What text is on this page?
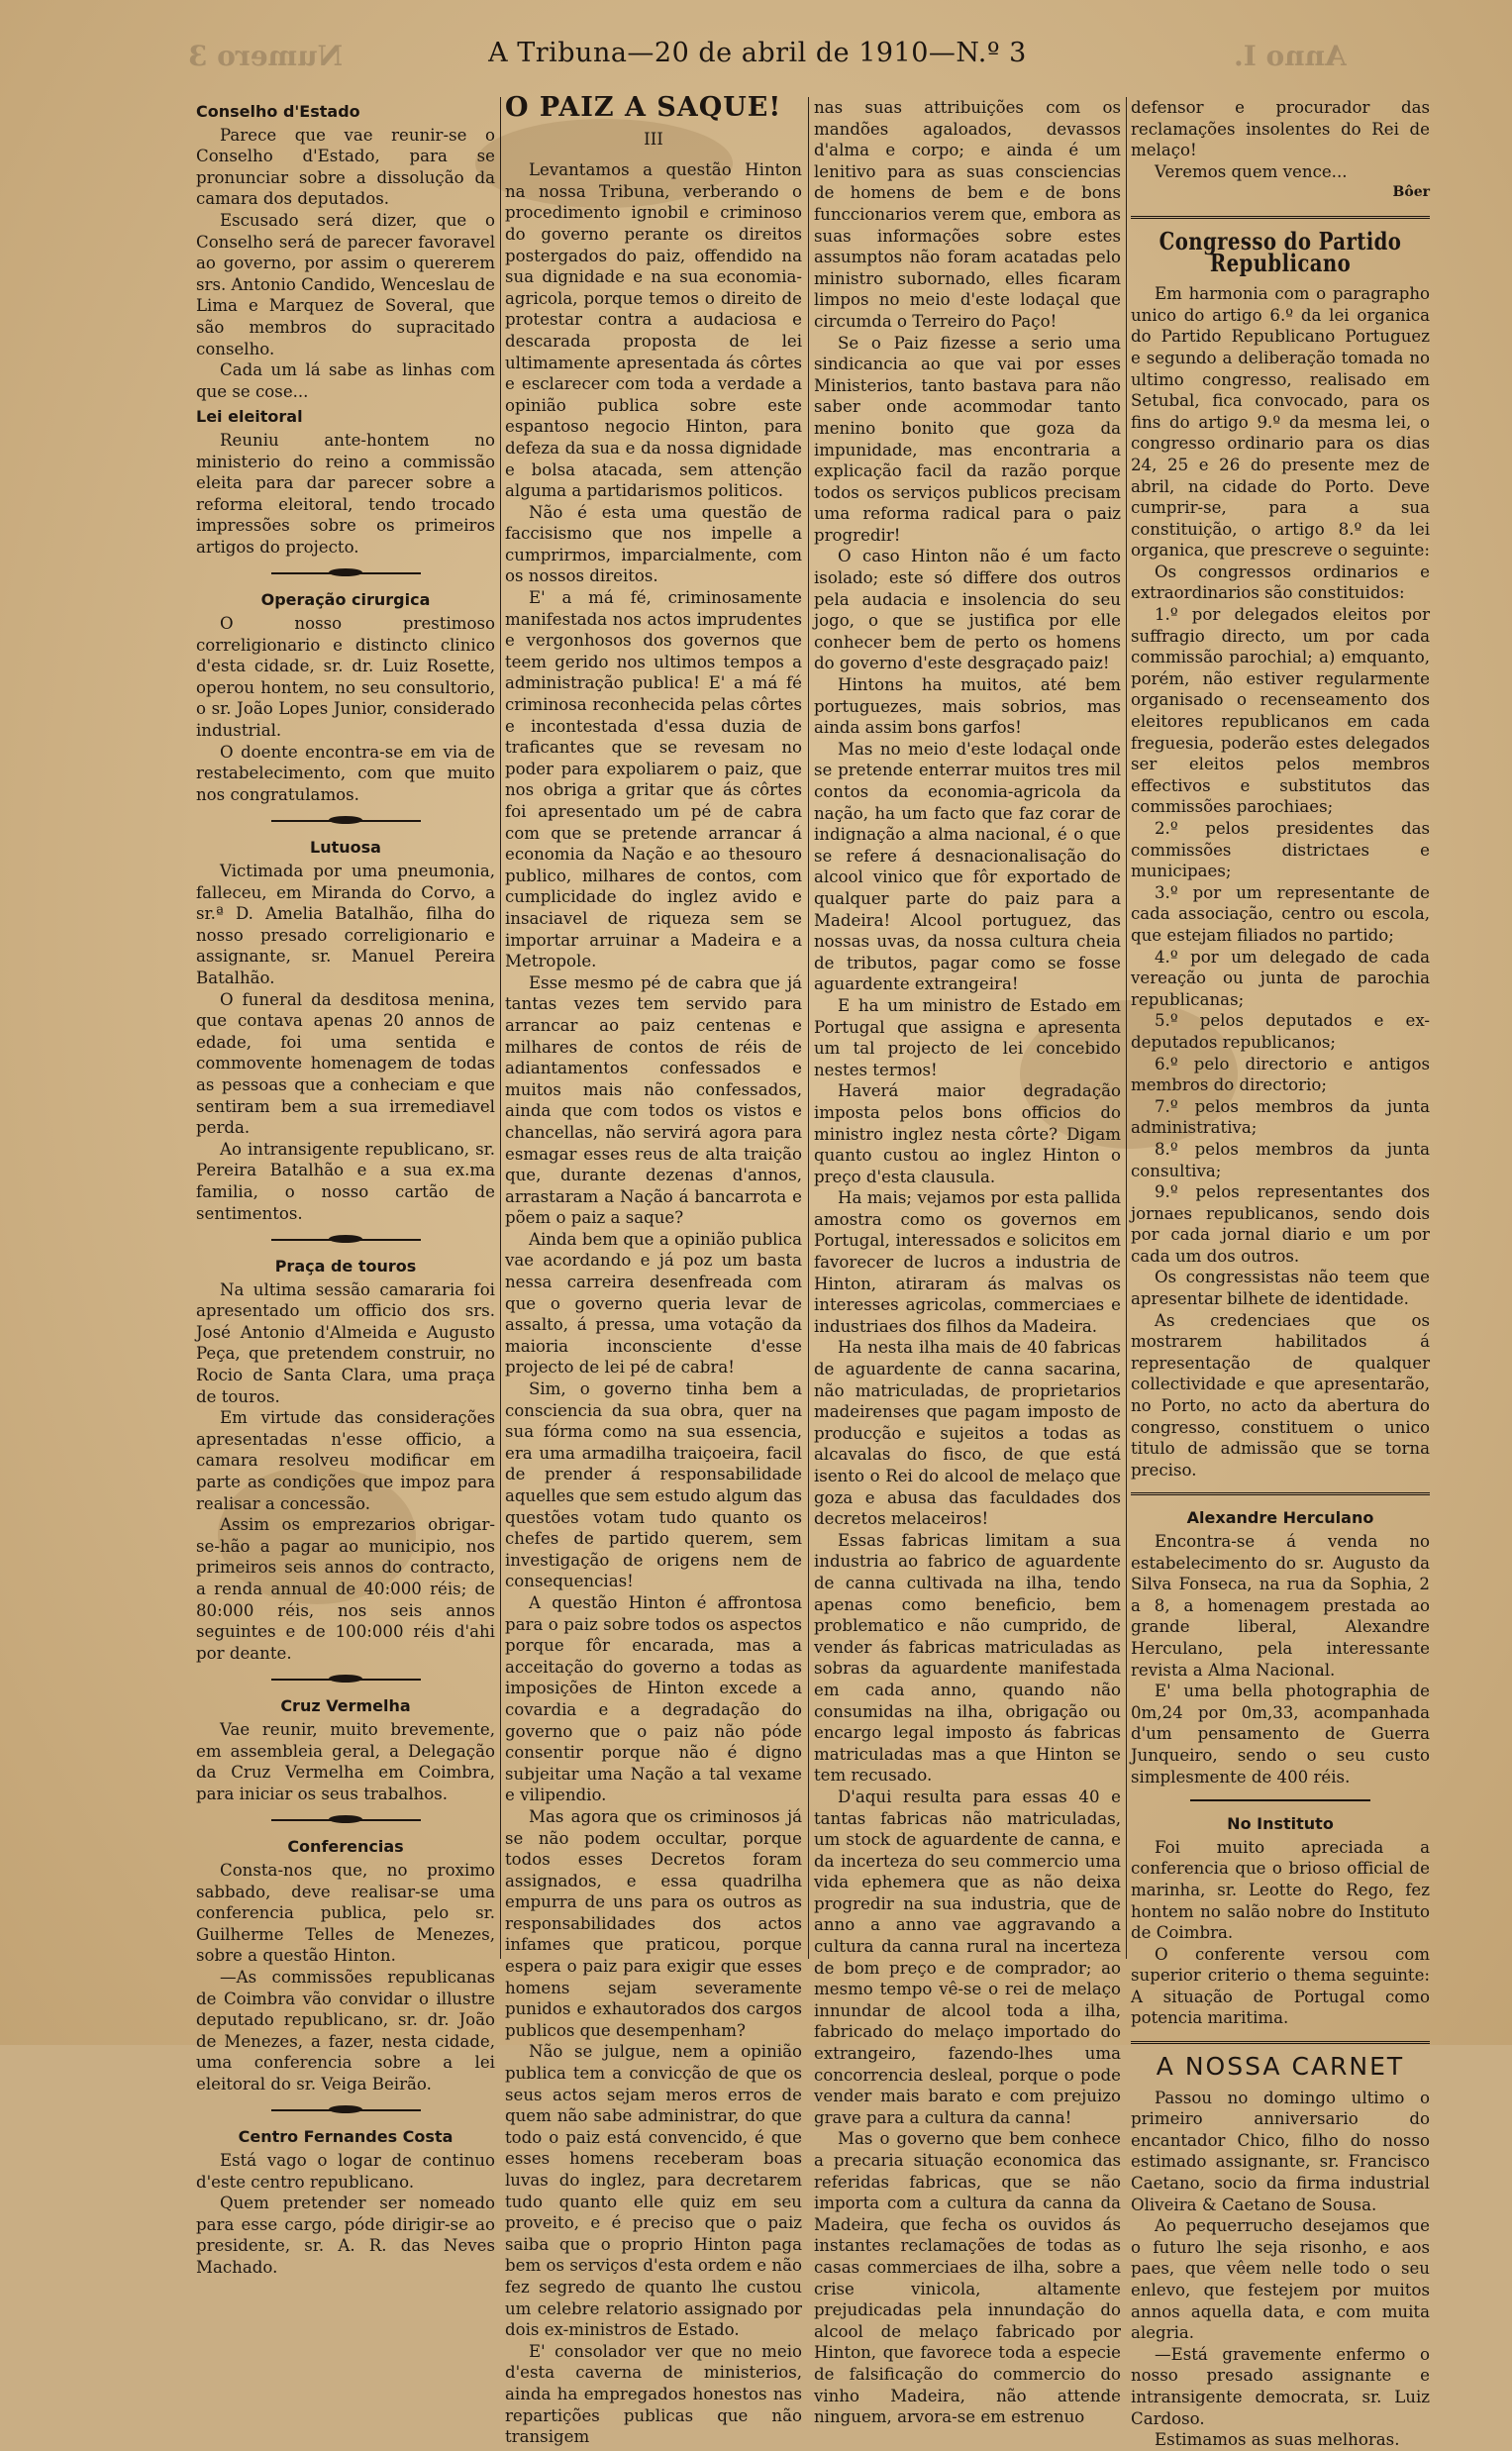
Numero 3	A Tribuna—20 de abril de 1910—N.º 3	Anno I.
Conselho d'Estado

Parece que vae reunir-se o Conselho d'Estado, para se pronunciar sobre a dissolução da camara dos deputados.

Escusado será dizer, que o Conselho será de parecer favoravel ao governo, por assim o quererem srs. Antonio Candido, Wenceslau de Lima e Marquez de Soveral, que são membros do supracitado conselho.

Cada um lá sabe as linhas com que se cose...

Lei eleitoral

Reuniu ante-hontem no ministerio do reino a commissão eleita para dar parecer sobre a reforma eleitoral, tendo trocado impressões sobre os primeiros artigos do projecto.

Operação cirurgica

O nosso prestimoso correligionario e distincto clinico d'esta cidade, sr. dr. Luiz Rosette, operou hontem, no seu consultorio, o sr. João Lopes Junior, considerado industrial.

O doente encontra-se em via de restabelecimento, com que muito nos congratulamos.

Lutuosa

Victimada por uma pneumonia, falleceu, em Miranda do Corvo, a sr.ª D. Amelia Batalhão, filha do nosso presado correligionario e assignante, sr. Manuel Pereira Batalhão.

O funeral da desditosa menina, que contava apenas 20 annos de edade, foi uma sentida e commovente homenagem de todas as pessoas que a conheciam e que sentiram bem a sua irremediavel perda.

Ao intransigente republicano, sr. Pereira Batalhão e a sua ex.ma familia, o nosso cartão de sentimentos.

Praça de touros

Na ultima sessão camararia foi apresentado um officio dos srs. José Antonio d'Almeida e Augusto Peça, que pretendem construir, no Rocio de Santa Clara, uma praça de touros.

Em virtude das considerações apresentadas n'esse officio, a camara resolveu modificar em parte as condições que impoz para realisar a concessão.

Assim os emprezarios obrigar-se-hão a pagar ao municipio, nos primeiros seis annos do contracto, a renda annual de 40:000 réis; de 80:000 réis, nos seis annos seguintes e de 100:000 réis d'ahi por deante.

Cruz Vermelha

Vae reunir, muito brevemente, em assembleia geral, a Delegação da Cruz Vermelha em Coimbra, para iniciar os seus trabalhos.

Conferencias

Consta-nos que, no proximo sabbado, deve realisar-se uma conferencia publica, pelo sr. Guilherme Telles de Menezes, sobre a questão Hinton.

—As commissões republicanas de Coimbra vão convidar o illustre deputado republicano, sr. dr. João de Menezes, a fazer, nesta cidade, uma conferencia sobre a lei eleitoral do sr. Veiga Beirão.

Centro Fernandes Costa

Está vago o logar de continuo d'este centro republicano.

Quem pretender ser nomeado para esse cargo, póde dirigir-se ao presidente, sr. A. R. das Neves Machado.

O PAIZ A SAQUE!

III

Levantamos a questão Hinton na nossa Tribuna, verberando o procedimento ignobil e criminoso do governo perante os direitos postergados do paiz, offendido na sua dignidade e na sua economia-agricola, porque temos o direito de protestar contra a audaciosa e descarada proposta de lei ultimamente apresentada ás côrtes e esclarecer com toda a verdade a opinião publica sobre este espantoso negocio Hinton, para defeza da sua e da nossa dignidade e bolsa atacada, sem attenção alguma a partidarismos politicos.

Não é esta uma questão de faccisismo que nos impelle a cumprirmos, imparcialmente, com os nossos direitos.

E' a má fé, criminosamente manifestada nos actos imprudentes e vergonhosos dos governos que teem gerido nos ultimos tempos a administração publica! E' a má fé criminosa reconhecida pelas côrtes e incontestada d'essa duzia de traficantes que se revesam no poder para expoliarem o paiz, que nos obriga a gritar que ás côrtes foi apresentado um pé de cabra com que se pretende arrancar á economia da Nação e ao thesouro publico, milhares de contos, com cumplicidade do inglez avido e insaciavel de riqueza sem se importar arruinar a Madeira e a Metropole.

Esse mesmo pé de cabra que já tantas vezes tem servido para arrancar ao paiz centenas e milhares de contos de réis de adiantamentos confessados e muitos mais não confessados, ainda que com todos os vistos e chancellas, não servirá agora para esmagar esses reus de alta traição que, durante dezenas d'annos, arrastaram a Nação á bancarrota e põem o paiz a saque?

Ainda bem que a opinião publica vae acordando e já poz um basta nessa carreira desenfreada com que o governo queria levar de assalto, á pressa, uma votação da maioria inconsciente d'esse projecto de lei pé de cabra!

Sim, o governo tinha bem a consciencia da sua obra, quer na sua fórma como na sua essencia, era uma armadilha traiçoeira, facil de prender á responsabilidade aquelles que sem estudo algum das questões votam tudo quanto os chefes de partido querem, sem investigação de origens nem de consequencias!

A questão Hinton é affrontosa para o paiz sobre todos os aspectos porque fôr encarada, mas a acceitação do governo a todas as imposições de Hinton excede a covardia e a degradação do governo que o paiz não póde consentir porque não é digno subjeitar uma Nação a tal vexame e vilipendio.

Mas agora que os criminosos já se não podem occultar, porque todos esses Decretos foram assignados, e essa quadrilha empurra de uns para os outros as responsabilidades dos actos infames que praticou, porque espera o paiz para exigir que esses homens sejam severamente punidos e exhautorados dos cargos publicos que desempenham?

Não se julgue, nem a opinião publica tem a convicção de que os seus actos sejam meros erros de quem não sabe administrar, do que todo o paiz está convencido, é que esses homens receberam boas luvas do inglez, para decretarem tudo quanto elle quiz em seu proveito, e é preciso que o paiz saiba que o proprio Hinton paga bem os serviços d'esta ordem e não fez segredo de quanto lhe custou um celebre relatorio assignado por dois ex-ministros de Estado.

E' consolador ver que no meio d'esta caverna de ministerios, ainda ha empregados honestos nas repartições publicas que não transigem

nas suas attribuições com os mandões agaloados, devassos d'alma e corpo; e ainda é um lenitivo para as suas consciencias de homens de bem e de bons funccionarios verem que, embora as suas informações sobre estes assumptos não foram acatadas pelo ministro subornado, elles ficaram limpos no meio d'este lodaçal que circumda o Terreiro do Paço!

Se o Paiz fizesse a serio uma sindicancia ao que vai por esses Ministerios, tanto bastava para não saber onde acommodar tanto menino bonito que goza da impunidade, mas encontraria a explicação facil da razão porque todos os serviços publicos precisam uma reforma radical para o paiz progredir!

O caso Hinton não é um facto isolado; este só differe dos outros pela audacia e insolencia do seu jogo, o que se justifica por elle conhecer bem de perto os homens do governo d'este desgraçado paiz!

Hintons ha muitos, até bem portuguezes, mais sobrios, mas ainda assim bons garfos!

Mas no meio d'este lodaçal onde se pretende enterrar muitos tres mil contos da economia-agricola da nação, ha um facto que faz corar de indignação a alma nacional, é o que se refere á desnacionalisação do alcool vinico que fôr exportado de qualquer parte do paiz para a Madeira! Alcool portuguez, das nossas uvas, da nossa cultura cheia de tributos, pagar como se fosse aguardente extrangeira!

E ha um ministro de Estado em Portugal que assigna e apresenta um tal projecto de lei concebido nestes termos!

Haverá maior degradação imposta pelos bons officios do ministro inglez nesta côrte? Digam quanto custou ao inglez Hinton o preço d'esta clausula.

Ha mais; vejamos por esta pallida amostra como os governos em Portugal, interessados e solicitos em favorecer de lucros a industria de Hinton, atiraram ás malvas os interesses agricolas, commerciaes e industriaes dos filhos da Madeira.

Ha nesta ilha mais de 40 fabricas de aguardente de canna sacarina, não matriculadas, de proprietarios madeirenses que pagam imposto de producção e sujeitos a todas as alcavalas do fisco, de que está isento o Rei do alcool de melaço que goza e abusa das faculdades dos decretos melaceiros!

Essas fabricas limitam a sua industria ao fabrico de aguardente de canna cultivada na ilha, tendo apenas como beneficio, bem problematico e não cumprido, de vender ás fabricas matriculadas as sobras da aguardente manifestada em cada anno, quando não consumidas na ilha, obrigação ou encargo legal imposto ás fabricas matriculadas mas a que Hinton se tem recusado.

D'aqui resulta para essas 40 e tantas fabricas não matriculadas, um stock de aguardente de canna, e da incerteza do seu commercio uma vida ephemera que as não deixa progredir na sua industria, que de anno a anno vae aggravando a cultura da canna rural na incerteza de bom preço e de comprador; ao mesmo tempo vê-se o rei de melaço innundar de alcool toda a ilha, fabricado do melaço importado do extrangeiro, fazendo-lhes uma concorrencia desleal, porque o pode vender mais barato e com prejuizo grave para a cultura da canna!

Mas o governo que bem conhece a precaria situação economica das referidas fabricas, que se não importa com a cultura da canna da Madeira, que fecha os ouvidos ás instantes reclamações de todas as casas commerciaes de ilha, sobre a crise vinicola, altamente prejudicadas pela innundação do alcool de melaço fabricado por Hinton, que favorece toda a especie de falsificação do commercio do vinho Madeira, não attende ninguem, arvora-se em estrenuo

defensor e procurador das reclamações insolentes do Rei de melaço!

Veremos quem vence...

Bôer

Congresso do Partido Republicano

Em harmonia com o paragrapho unico do artigo 6.º da lei organica do Partido Republicano Portuguez e segundo a deliberação tomada no ultimo congresso, realisado em Setubal, fica convocado, para os fins do artigo 9.º da mesma lei, o congresso ordinario para os dias 24, 25 e 26 do presente mez de abril, na cidade do Porto. Deve cumprir-se, para a sua constituição, o artigo 8.º da lei organica, que prescreve o seguinte:

Os congressos ordinarios e extraordinarios são constituidos:

1.º por delegados eleitos por suffragio directo, um por cada commissão parochial; a) emquanto, porém, não estiver regularmente organisado o recenseamento dos eleitores republicanos em cada freguesia, poderão estes delegados ser eleitos pelos membros effectivos e substitutos das commissões parochiaes;

2.º pelos presidentes das commissões districtaes e municipaes;

3.º por um representante de cada associação, centro ou escola, que estejam filiados no partido;

4.º por um delegado de cada vereação ou junta de parochia republicanas;

5.º pelos deputados e ex-deputados republicanos;

6.º pelo directorio e antigos membros do directorio;

7.º pelos membros da junta administrativa;

8.º pelos membros da junta consultiva;

9.º pelos representantes dos jornaes republicanos, sendo dois por cada jornal diario e um por cada um dos outros.

Os congressistas não teem que apresentar bilhete de identidade.

As credenciaes que os mostrarem habilitados á representação de qualquer collectividade e que apresentarão, no Porto, no acto da abertura do congresso, constituem o unico titulo de admissão que se torna preciso.

Alexandre Herculano

Encontra-se á venda no estabelecimento do sr. Augusto da Silva Fonseca, na rua da Sophia, 2 a 8, a homenagem prestada ao grande liberal, Alexandre Herculano, pela interessante revista a Alma Nacional.

E' uma bella photographia de 0m,24 por 0m,33, acompanhada d'um pensamento de Guerra Junqueiro, sendo o seu custo simplesmente de 400 réis.

No Instituto

Foi muito apreciada a conferencia que o brioso official de marinha, sr. Leotte do Rego, fez hontem no salão nobre do Instituto de Coimbra.

O conferente versou com superior criterio o thema seguinte: A situação de Portugal como potencia maritima.

A NOSSA CARNET

Passou no domingo ultimo o primeiro anniversario do encantador Chico, filho do nosso estimado assignante, sr. Francisco Caetano, socio da firma industrial Oliveira & Caetano de Sousa.

Ao pequerrucho desejamos que o futuro lhe seja risonho, e aos paes, que vêem nelle todo o seu enlevo, que festejem por muitos annos aquella data, e com muita alegria.

—Está gravemente enfermo o nosso presado assignante e intransigente democrata, sr. Luiz Cardoso.

Estimamos as suas melhoras.
